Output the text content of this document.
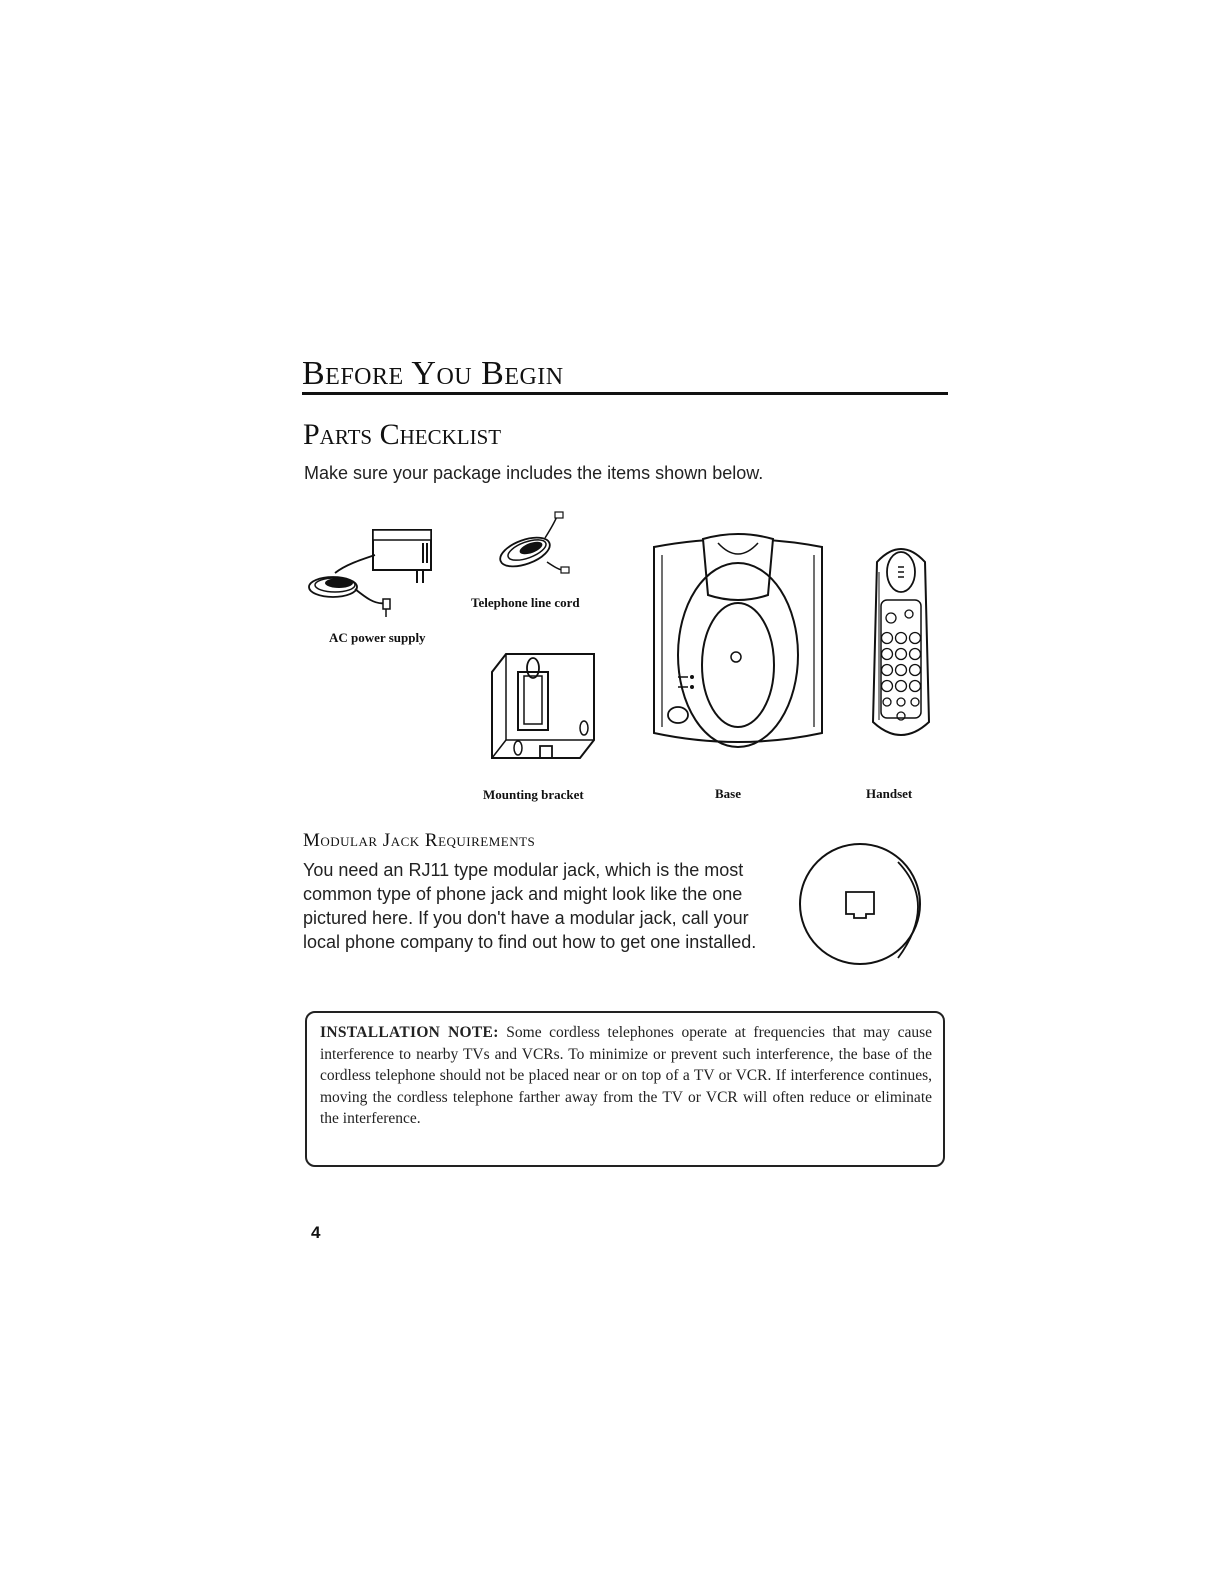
Before You Begin
Parts Checklist
Make sure your package includes the items shown below.
AC power supply
Telephone line cord
Mounting bracket	Base	Handset
Modular Jack Requirements
You need an RJ11 type modular jack, which is the most common type of phone jack and might look like the one pictured here. If you don't have a modular jack, call your local phone company to find out how to get one installed.
INSTALLATION NOTE: Some cordless telephones operate at frequencies that may cause interference to nearby TVs and VCRs. To minimize or prevent such interference, the base of the cordless telephone should not be placed near or on top of a TV or VCR. If interference continues, moving the cordless telephone farther away from the TV or VCR will often reduce or eliminate the interference.
4
